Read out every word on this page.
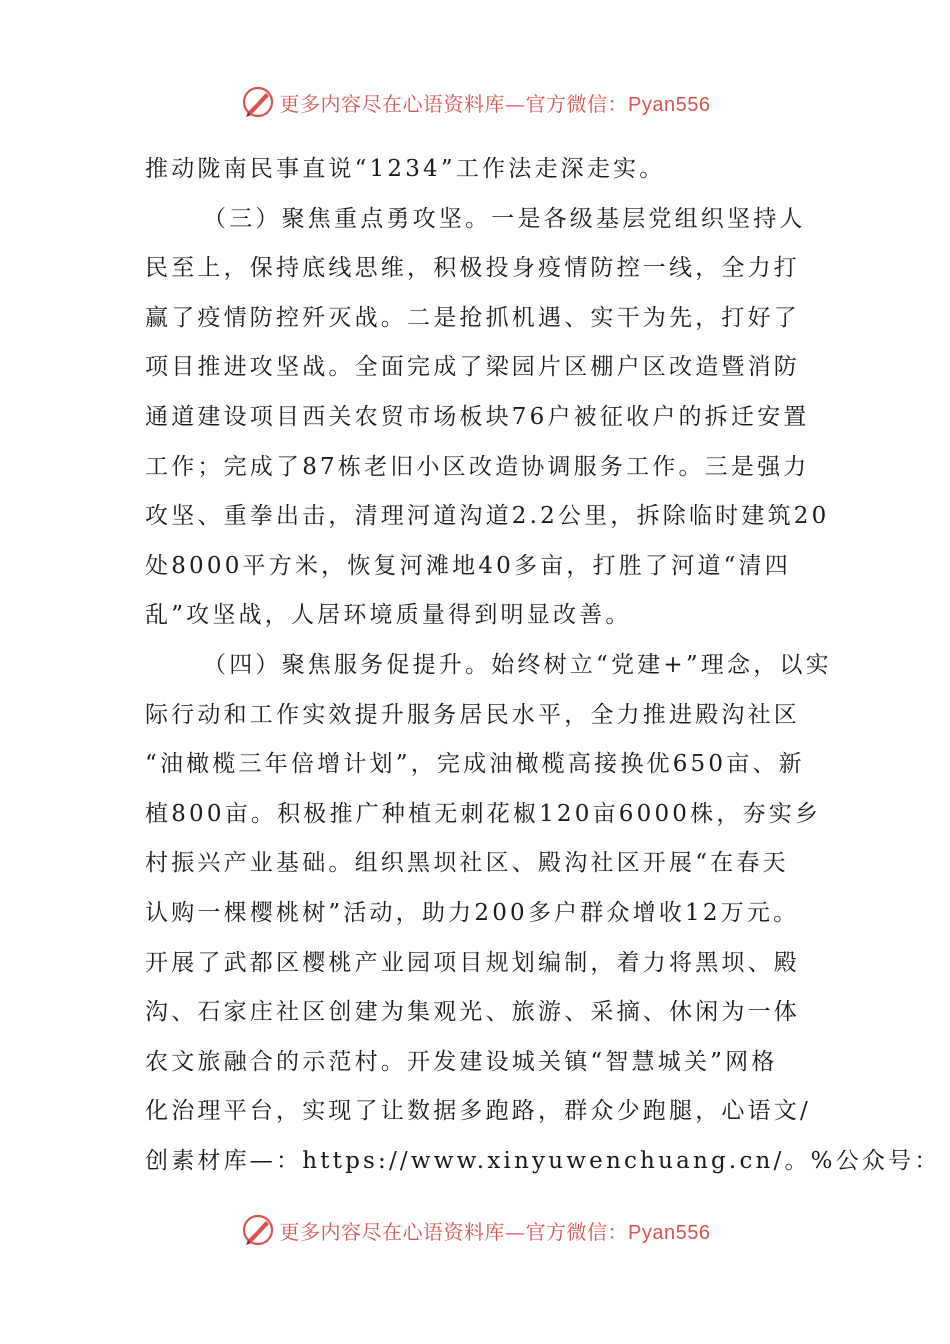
更多内容尽在心语资料库—官方微信：Pyan556
推动陇南民事直说“1234”工作法走深走实。
（三）聚焦重点勇攻坚。一是各级基层党组织坚持人
民至上，保持底线思维，积极投身疫情防控一线，全力打
赢了疫情防控歼灭战。二是抢抓机遇、实干为先，打好了
项目推进攻坚战。全面完成了梁园片区棚户区改造暨消防
通道建设项目西关农贸市场板块76户被征收户的拆迁安置
工作；完成了87栋老旧小区改造协调服务工作。三是强力
攻坚、重拳出击，清理河道沟道2.2公里，拆除临时建筑20
处8000平方米，恢复河滩地40多亩，打胜了河道“清四
乱”攻坚战，人居环境质量得到明显改善。
（四）聚焦服务促提升。始终树立“党建+”理念，以实
际行动和工作实效提升服务居民水平，全力推进殿沟社区
“油橄榄三年倍增计划”，完成油橄榄高接换优650亩、新
植800亩。积极推广种植无刺花椒120亩6000株，夯实乡
村振兴产业基础。组织黑坝社区、殿沟社区开展“在春天
认购一棵樱桃树”活动，助力200多户群众增收12万元。
开展了武都区樱桃产业园项目规划编制，着力将黑坝、殿
沟、石家庄社区创建为集观光、旅游、采摘、休闲为一体
农文旅融合的示范村。开发建设城关镇“智慧城关”网格
化治理平台，实现了让数据多跑路，群众少跑腿，心语文/
创素材库—：https://www.xinyuwenchuang.cn/。%公众号：
更多内容尽在心语资料库—官方微信：Pyan556
